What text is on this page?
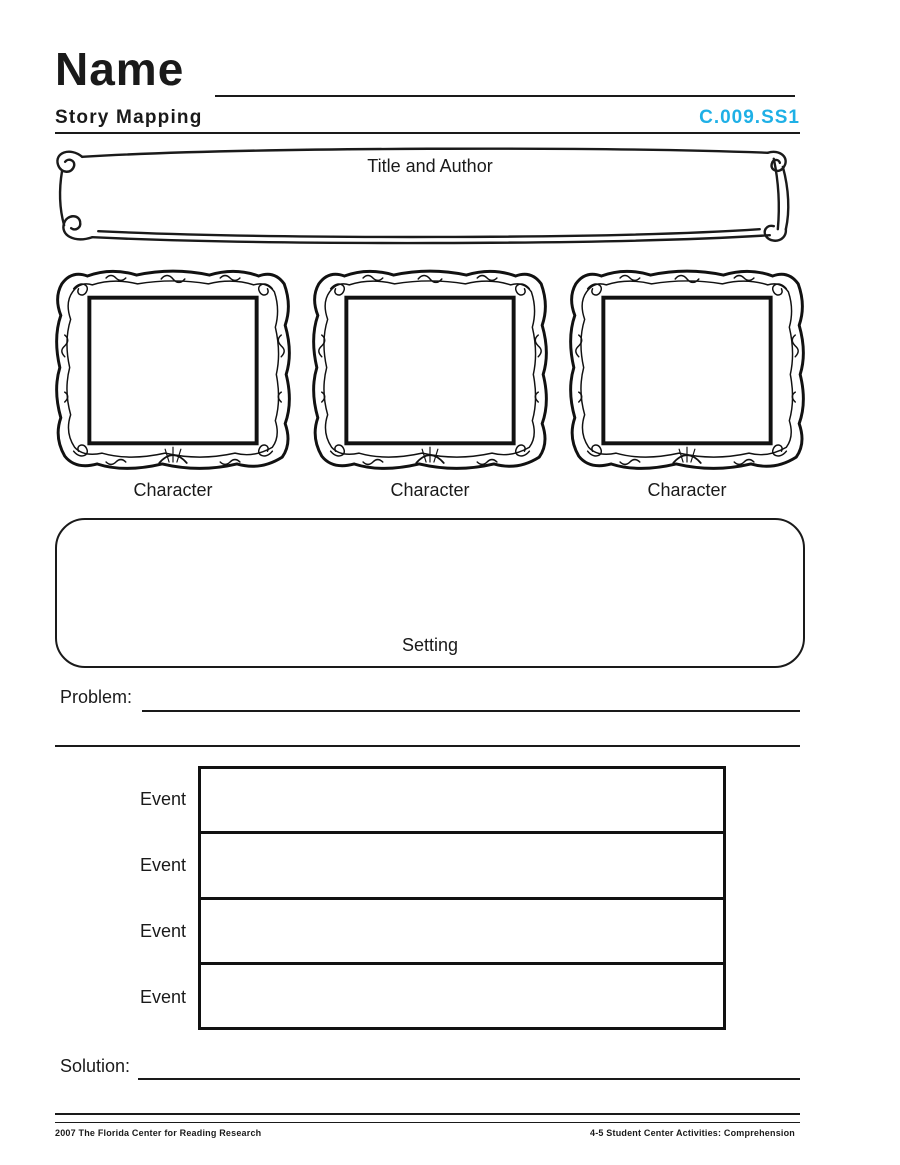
Name
Story Mapping	C.009.SS1
Title and Author
Character	Character	Character
Setting
Problem:
Event
Event
Event
Event
Solution:
2007 The Florida Center for Reading Research	4-5 Student Center Activities: Comprehension
